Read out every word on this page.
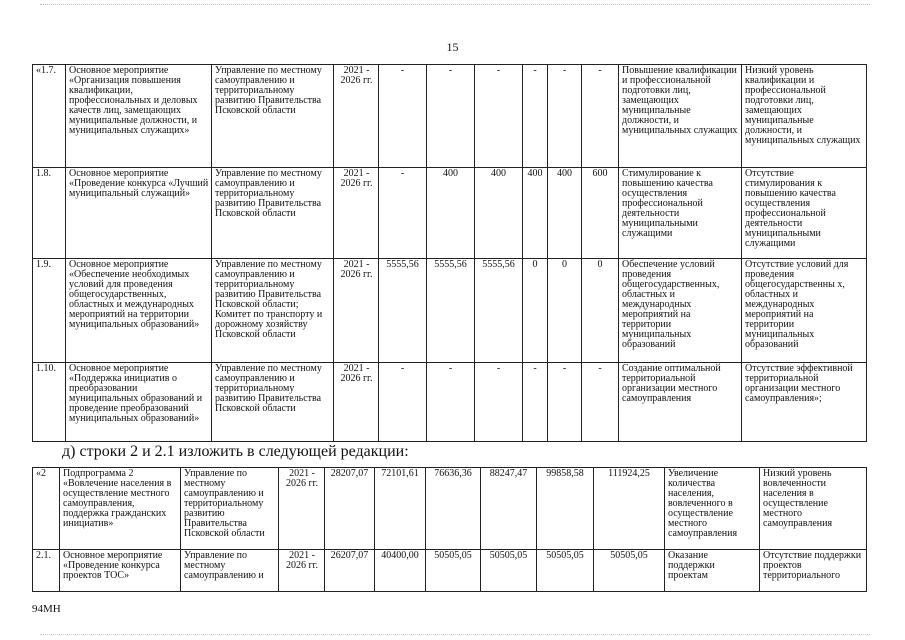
15
«1.7.	Основное мероприятие «Организация повышения квалификации, профессиональных и деловых качеств лиц, замещающих муниципальные должности, и муниципальных служащих»	Управление по местному самоуправлению и территориальному развитию Правительства Псковской области	2021 - 2026 гг.	-	-	-	-	-	-	Повышение квалификации и профессиональной подготовки лиц, замещающих муниципальные должности, и муниципальных служащих	Низкий уровень квалификации и профессиональной подготовки лиц, замещающих муниципальные должности, и муниципальных служащих
1.8.	Основное мероприятие «Проведение конкурса «Лучший муниципальный служащий»	Управление по местному самоуправлению и территориальному развитию Правительства Псковской области	2021 - 2026 гг.	-	400	400	400	400	600	Стимулирование к повышению качества осуществления профессиональной деятельности муниципальными служащими	Отсутствие стимулирования к повышению качества осуществления профессиональной деятельности муниципальными служащими
1.9.	Основное мероприятие «Обеспечение необходимых условий для проведения общегосударственных, областных и международных мероприятий на территории муниципальных образований»	Управление по местному самоуправлению и территориальному развитию Правительства Псковской области;
Комитет по транспорту и дорожному хозяйству Псковской области	2021 - 2026 гг.	5555,56	5555,56	5555,56	0	0	0	Обеспечение условий проведения общегосударственных, областных и международных мероприятий на территории муниципальных образований	Отсутствие условий для проведения общегосударственны х, областных и международных мероприятий на территории муниципальных образований
1.10.	Основное мероприятие «Поддержка инициатив о преобразовании муниципальных образований и проведение преобразований муниципальных образований»	Управление по местному самоуправлению и территориальному развитию Правительства Псковской области	2021 - 2026 гг.	-	-	-	-	-	-	Создание оптимальной территориальной организации местного самоуправления	Отсутствие эффективной территориальной организации местного самоуправления»;
д) строки 2 и 2.1 изложить в следующей редакции:
«2	Подпрограмма 2 «Вовлечение населения в осуществление местного самоуправления, поддержка гражданских инициатив»	Управление по местному самоуправлению и территориальному развитию Правительства Псковской области	2021 - 2026 гг.	28207,07	72101,61	76636,36	88247,47	99858,58	111924,25	Увеличение количества населения, вовлеченного в осуществление местного самоуправления	Низкий уровень вовлеченности населения в осуществление местного самоуправления
2.1.	Основное мероприятие «Проведение конкурса проектов ТОС»	Управление по местному самоуправлению и	2021 - 2026 гг.	26207,07	40400,00	50505,05	50505,05	50505,05	50505,05	Оказание поддержки проектам	Отсутствие поддержки проектов территориального
94МН
